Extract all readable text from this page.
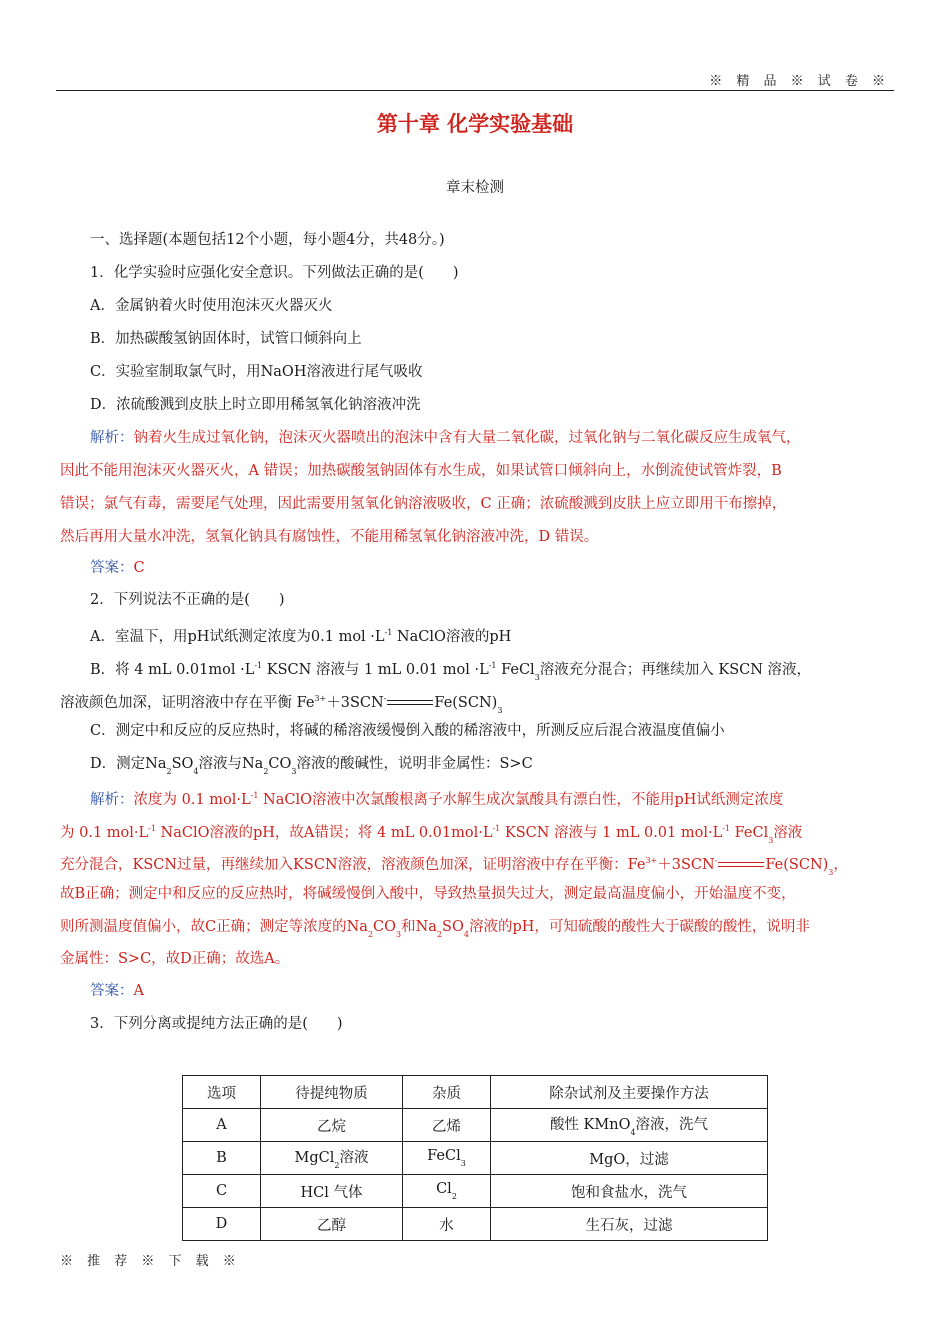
※ 精 品 ※ 试 卷 ※
第十章 化学实验基础
章末检测
一、选择题(本题包括12个小题，每小题4分，共48分。)
1．化学实验时应强化安全意识。下列做法正确的是(　　)
A．金属钠着火时使用泡沫灭火器灭火
B．加热碳酸氢钠固体时，试管口倾斜向上
C．实验室制取氯气时，用NaOH溶液进行尾气吸收
D．浓硫酸溅到皮肤上时立即用稀氢氧化钠溶液冲洗
解析：钠着火生成过氧化钠，泡沫灭火器喷出的泡沫中含有大量二氧化碳，过氧化钠与二氧化碳反应生成氧气，
因此不能用泡沫灭火器灭火，A 错误；加热碳酸氢钠固体有水生成，如果试管口倾斜向上，水倒流使试管炸裂，B
错误；氯气有毒，需要尾气处理，因此需要用氢氧化钠溶液吸收，C 正确；浓硫酸溅到皮肤上应立即用干布擦掉，
然后再用大量水冲洗，氢氧化钠具有腐蚀性，不能用稀氢氧化钠溶液冲洗，D 错误。
答案：C
2．下列说法不正确的是(　　)
A．室温下，用pH试纸测定浓度为0.1 mol $\cdot L^{-1}$ NaClO溶液的pH
B．将 4 mL $0.01mol \cdot L^{-1}$ KSCN 溶液与 1 mL 0.01 mol $\cdot L^{-1}$ FeCl$_3$溶液充分混合；再继续加入 KSCN 溶液，
溶液颜色加深，证明溶液中存在平衡 $Fe^{3+}+3SCN^-$	$Fe(SCN)_3$
C．测定中和反应的反应热时，将碱的稀溶液缓慢倒入酸的稀溶液中，所测反应后混合液温度值偏小
D．测定$Na_2SO_4$溶液与$Na_2CO_3$溶液的酸碱性，说明非金属性：S>C
解析：浓度为 0.1 $mol\cdot L^{-1}$ NaClO溶液中次氯酸根离子水解生成次氯酸具有漂白性，不能用pH试纸测定浓度
为 0.1 $mol\cdot L^{-1}$ NaClO溶液的pH，故A错误；将 4 mL $0.01mol\cdot L^{-1}$ KSCN 溶液与 1 mL 0.01 $mol\cdot L^{-1}$ FeCl$_3$溶液
充分混合，KSCN过量，再继续加入KSCN溶液，溶液颜色加深，证明溶液中存在平衡：$Fe^{3+}+3SCN^-$	$Fe(SCN)_3$，
故B正确；测定中和反应的反应热时，将碱缓慢倒入酸中，导致热量损失过大，测定最高温度偏小，开始温度不变，
则所测温度值偏小，故C正确；测定等浓度的$Na_2CO_3$和$Na_2SO_4$溶液的pH，可知硫酸的酸性大于碳酸的酸性，说明非
金属性：S>C，故D正确；故选A。
答案：A
3．下列分离或提纯方法正确的是(　　)
选项	待提纯物质	杂质	除杂试剂及主要操作方法
A	乙烷	乙烯	酸性 KMnO$_4$溶液，洗气
B	MgCl$_2$溶液	FeCl$_3$	MgO，过滤
C	HCl 气体	$Cl_2$	饱和食盐水，洗气
D	乙醇	水	生石灰，过滤
※ 推 荐 ※ 下 载 ※
